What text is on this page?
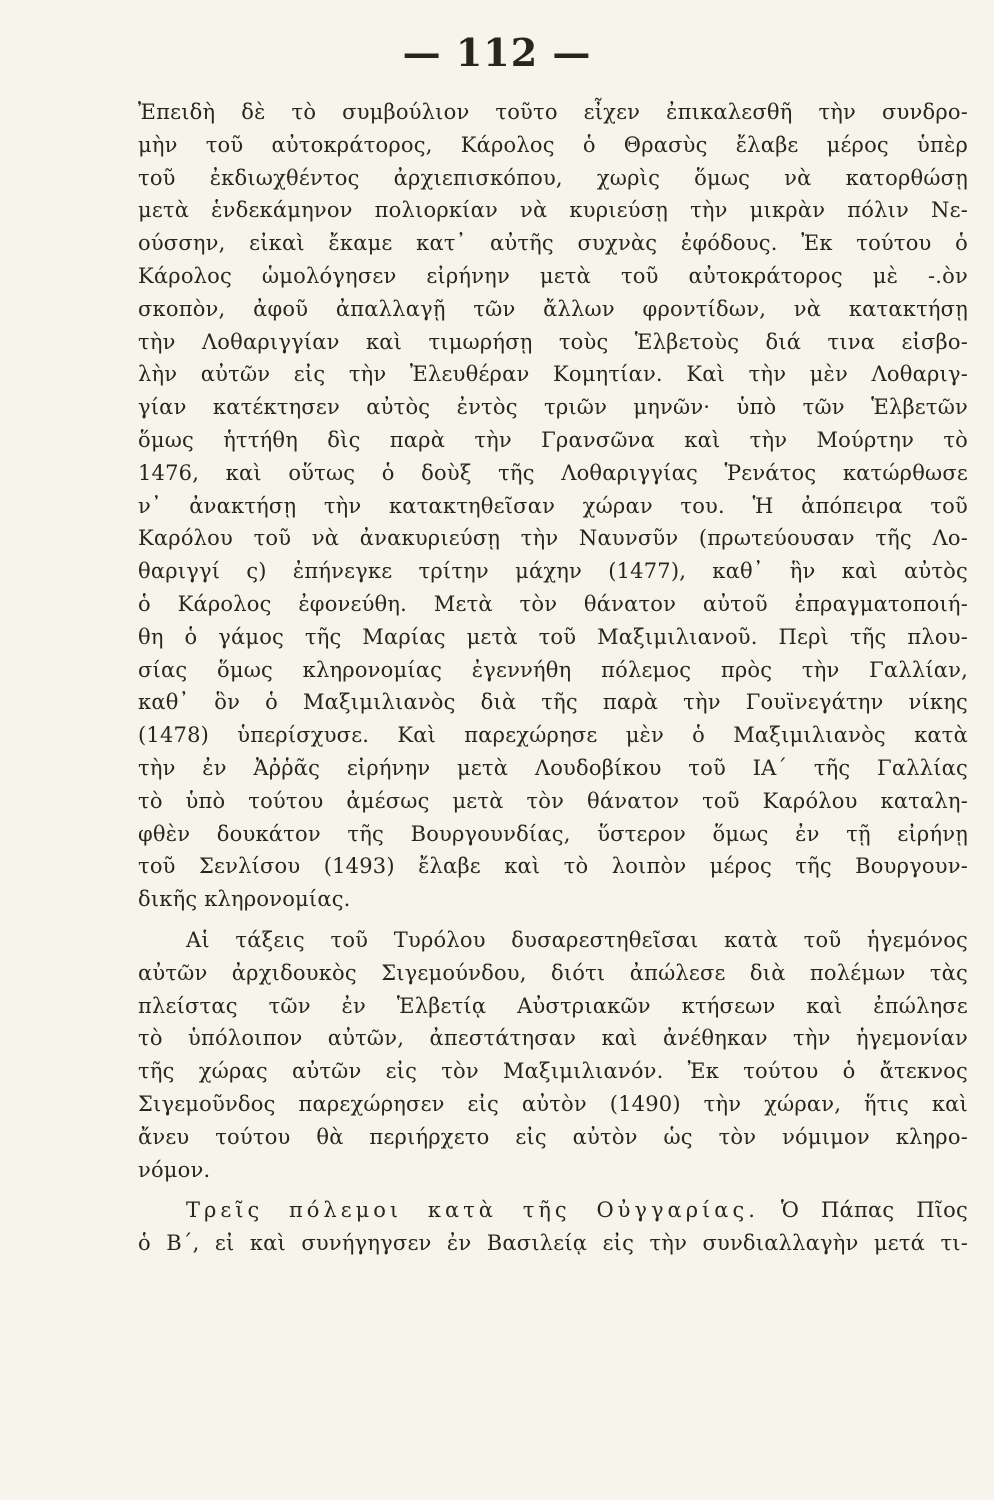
— 112 —
Ἐπειδὴ δὲ τὸ συμβούλιον τοῦτο εἶχεν ἐπικαλεσθῆ τὴν συνδρο-
μὴν τοῦ αὐτοκράτορος, Κάρολος ὁ Θρασὺς ἔλαβε μέρος ὑπὲρ
τοῦ ἐκδιωχθέντος ἀρχιεπισκόπου, χωρὶς ὅμως νὰ κατορθώσῃ
μετὰ ἑνδεκάμηνον πολιορκίαν νὰ κυριεύσῃ τὴν μικρὰν πόλιν Νε-
ούσσην, εἰκαὶ ἔκαμε κατ᾽ αὐτῆς συχνὰς ἐφόδους. Ἐκ τούτου ὁ
Κάρολος ὡμολόγησεν εἰρήνην μετὰ τοῦ αὐτοκράτορος μὲ -.ὸν
σκοπὸν, ἀφοῦ ἀπαλλαγῇ τῶν ἄλλων φροντίδων, νὰ κατακτήσῃ
τὴν Λοθαριγγίαν καὶ τιμωρήσῃ τοὺς Ἑλβετοὺς διά τινα εἰσβο-
λὴν αὐτῶν εἰς τὴν Ἐλευθέραν Κομητίαν. Καὶ τὴν μὲν Λοθαριγ-
γίαν κατέκτησεν αὐτὸς ἐντὸς τριῶν μηνῶν· ὑπὸ τῶν Ἑλβετῶν
ὅμως ἡττήθη δὶς παρὰ τὴν Γρανσῶνα καὶ τὴν Μούρτην τὸ
1476, καὶ οὕτως ὁ δοὺξ τῆς Λοθαριγγίας Ῥενάτος κατώρθωσε
ν᾽ ἀνακτήσῃ τὴν κατακτηθεῖσαν χώραν του. Ἡ ἀπόπειρα τοῦ
Καρόλου τοῦ νὰ ἀνακυριεύσῃ τὴν Ναυνσῦν (πρωτεύουσαν τῆς Λο-
θαριγγί ς) ἐπήνεγκε τρίτην μάχην (1477), καθ᾽ ἣν καὶ αὐτὸς
ὁ Κάρολος ἐφονεύθη. Μετὰ τὸν θάνατον αὐτοῦ ἐπραγματοποιή-
θη ὁ γάμος τῆς Μαρίας μετὰ τοῦ Μαξιμιλιανοῦ. Περὶ τῆς πλου-
σίας ὅμως κληρονομίας ἐγεννήθη πόλεμος πρὸς τὴν Γαλλίαν,
καθ᾽ ὃν ὁ Μαξιμιλιανὸς διὰ τῆς παρὰ τὴν Γουϊνεγάτην νίκης
(1478) ὑπερίσχυσε. Καὶ παρεχώρησε μὲν ὁ Μαξιμιλιανὸς κατὰ
τὴν ἐν Ἀῤῥᾶς εἰρήνην μετὰ Λουδοβίκου τοῦ ΙΑ΄ τῆς Γαλλίας
τὸ ὑπὸ τούτου ἀμέσως μετὰ τὸν θάνατον τοῦ Καρόλου καταλη-
φθὲν δουκάτον τῆς Βουργουνδίας, ὕστερον ὅμως ἐν τῇ εἰρήνῃ
τοῦ Σενλίσου (1493) ἔλαβε καὶ τὸ λοιπὸν μέρος τῆς Βουργουν-
δικῆς κληρονομίας.
Αἱ τάξεις τοῦ Τυρόλου δυσαρεστηθεῖσαι κατὰ τοῦ ἡγεμόνος
αὐτῶν ἀρχιδουκὸς Σιγεμούνδου, διότι ἀπώλεσε διὰ πολέμων τὰς
πλείστας τῶν ἐν Ἑλβετίᾳ Αὐστριακῶν κτήσεων καὶ ἐπώλησε
τὸ ὑπόλοιπον αὐτῶν, ἀπεστάτησαν καὶ ἀνέθηκαν τὴν ἡγεμονίαν
τῆς χώρας αὐτῶν εἰς τὸν Μαξιμιλιανόν. Ἐκ τούτου ὁ ἄτεκνος
Σιγεμοῦνδος παρεχώρησεν εἰς αὐτὸν (1490) τὴν χώραν, ἥτις καὶ
ἄνευ τούτου θὰ περιήρχετο εἰς αὐτὸν ὡς τὸν νόμιμον κληρο-
νόμον.
Τρεῖς πόλεμοι κατὰ τῆς Οὐγγαρίας. Ὁ Πάπας Πῖος
ὁ Β΄, εἰ καὶ συνήγηγσεν ἐν Βασιλείᾳ εἰς τὴν συνδιαλλαγὴν μετά τι-
